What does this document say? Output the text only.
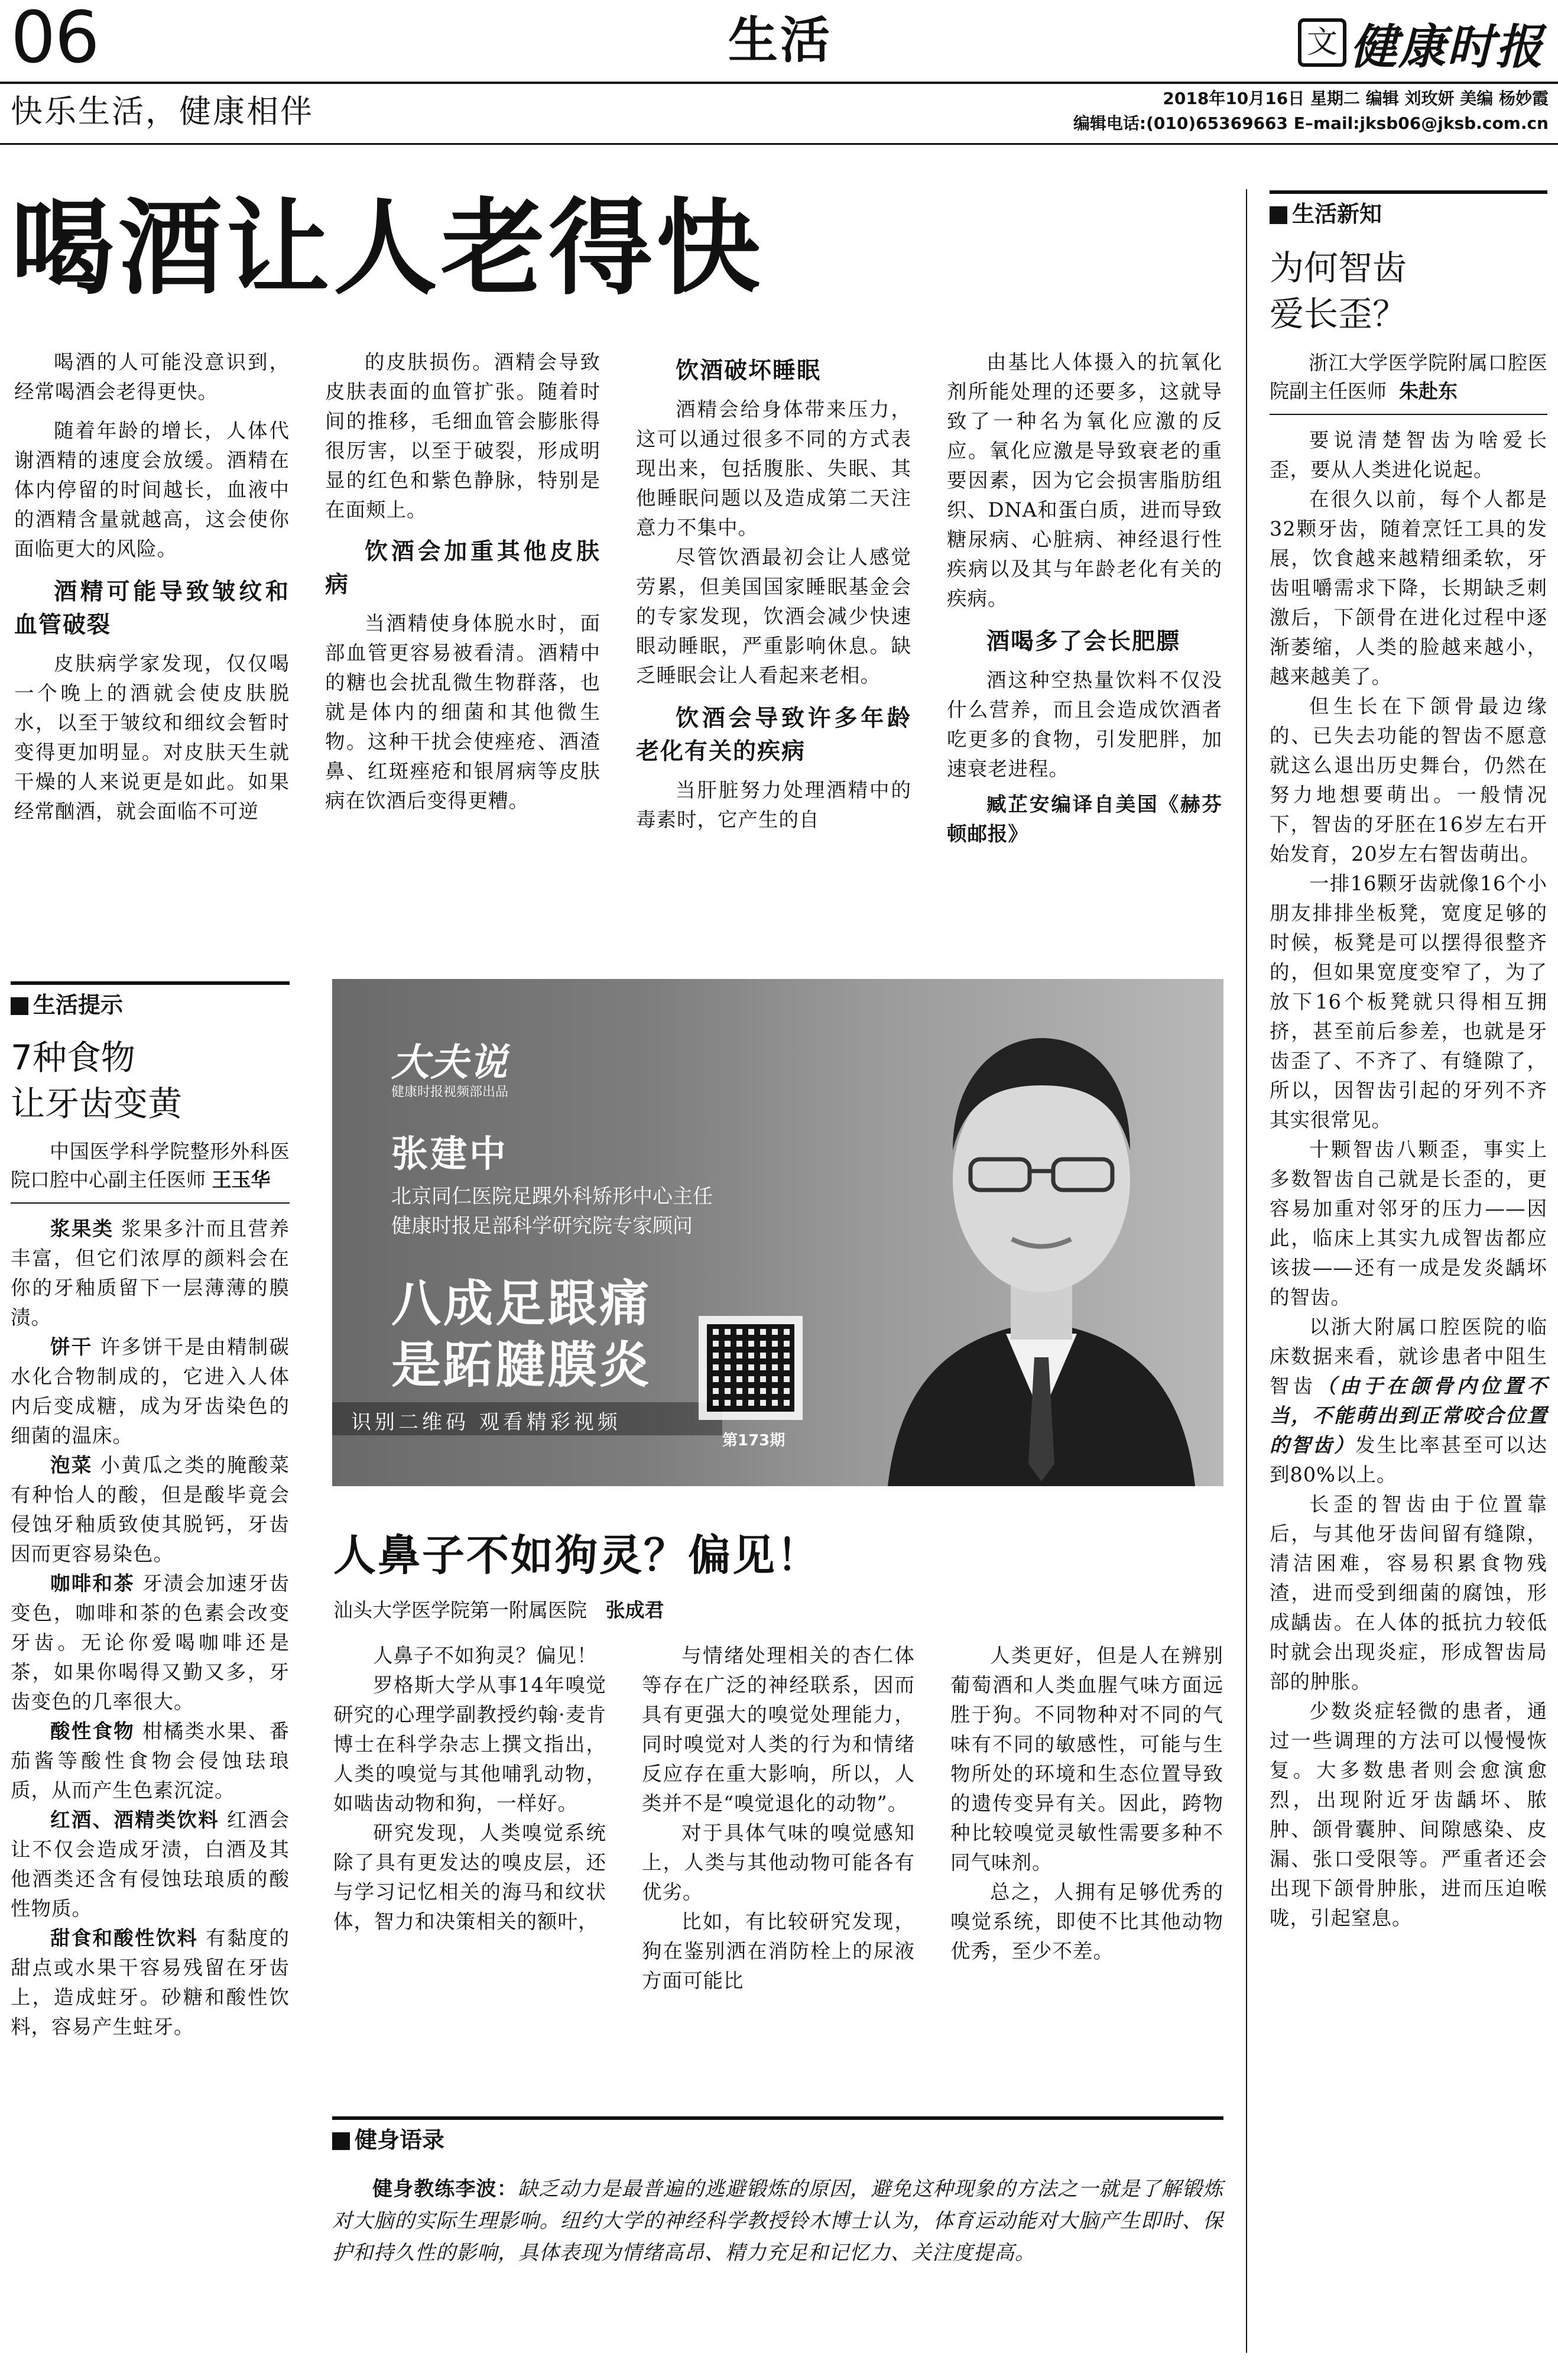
06	生活	文 健康时报
快乐生活，健康相伴	2018年10月16日 星期二 编辑 刘玫妍 美编 杨妙霞
编辑电话:(010)65369663 E–mail:jksb06@jksb.com.cn
喝酒让人老得快

喝酒的人可能没意识到，经常喝酒会老得更快。

随着年龄的增长，人体代谢酒精的速度会放缓。酒精在体内停留的时间越长，血液中的酒精含量就越高，这会使你面临更大的风险。

酒精可能导致皱纹和血管破裂

皮肤病学家发现，仅仅喝一个晚上的酒就会使皮肤脱水，以至于皱纹和细纹会暂时变得更加明显。对皮肤天生就干燥的人来说更是如此。如果经常酗酒，就会面临不可逆

的皮肤损伤。酒精会导致皮肤表面的血管扩张。随着时间的推移，毛细血管会膨胀得很厉害，以至于破裂，形成明显的红色和紫色静脉，特别是在面颊上。

饮酒会加重其他皮肤病

当酒精使身体脱水时，面部血管更容易被看清。酒精中的糖也会扰乱微生物群落，也就是体内的细菌和其他微生物。这种干扰会使痤疮、酒渣鼻、红斑痤疮和银屑病等皮肤病在饮酒后变得更糟。

饮酒破坏睡眠

酒精会给身体带来压力，这可以通过很多不同的方式表现出来，包括腹胀、失眠、其他睡眠问题以及造成第二天注意力不集中。

尽管饮酒最初会让人感觉劳累，但美国国家睡眠基金会的专家发现，饮酒会减少快速眼动睡眠，严重影响休息。缺乏睡眠会让人看起来老相。

饮酒会导致许多年龄老化有关的疾病

当肝脏努力处理酒精中的毒素时，它产生的自

由基比人体摄入的抗氧化剂所能处理的还要多，这就导致了一种名为氧化应激的反应。氧化应激是导致衰老的重要因素，因为它会损害脂肪组织、DNA和蛋白质，进而导致糖尿病、心脏病、神经退行性疾病以及其与年龄老化有关的疾病。

酒喝多了会长肥膘

酒这种空热量饮料不仅没什么营养，而且会造成饮酒者吃更多的食物，引发肥胖，加速衰老进程。

臧芷安编译自美国《赫芬顿邮报》

生活提示
7种食物
让牙齿变黄
中国医学科学院整形外科医院口腔中心副主任医师 王玉华

浆果类 浆果多汁而且营养丰富，但它们浓厚的颜料会在你的牙釉质留下一层薄薄的膜渍。

饼干 许多饼干是由精制碳水化合物制成的，它进入人体内后变成糖，成为牙齿染色的细菌的温床。

泡菜 小黄瓜之类的腌酸菜有种怡人的酸，但是酸毕竟会侵蚀牙釉质致使其脱钙，牙齿因而更容易染色。

咖啡和茶 牙渍会加速牙齿变色，咖啡和茶的色素会改变牙齿。无论你爱喝咖啡还是茶，如果你喝得又勤又多，牙齿变色的几率很大。

酸性食物 柑橘类水果、番茄酱等酸性食物会侵蚀珐琅质，从而产生色素沉淀。

红酒、酒精类饮料 红酒会让不仅会造成牙渍，白酒及其他酒类还含有侵蚀珐琅质的酸性物质。

甜食和酸性饮料 有黏度的甜点或水果干容易残留在牙齿上，造成蛀牙。砂糖和酸性饮料，容易产生蛀牙。

大夫说
健康时报视频部出品
张建中
北京同仁医院足踝外科矫形中心主任
健康时报足部科学研究院专家顾问
八成足跟痛
是跖腱膜炎
识别二维码 观看精彩视频
第173期
人鼻子不如狗灵？偏见！
汕头大学医学院第一附属医院 张成君

人鼻子不如狗灵？偏见！

罗格斯大学从事14年嗅觉研究的心理学副教授约翰·麦肯博士在科学杂志上撰文指出，人类的嗅觉与其他哺乳动物，如啮齿动物和狗，一样好。

研究发现，人类嗅觉系统除了具有更发达的嗅皮层，还与学习记忆相关的海马和纹状体，智力和决策相关的额叶，

与情绪处理相关的杏仁体等存在广泛的神经联系，因而具有更强大的嗅觉处理能力，同时嗅觉对人类的行为和情绪反应存在重大影响，所以，人类并不是“嗅觉退化的动物”。

对于具体气味的嗅觉感知上，人类与其他动物可能各有优劣。

比如，有比较研究发现，狗在鉴别洒在消防栓上的尿液方面可能比

人类更好，但是人在辨别葡萄酒和人类血腥气味方面远胜于狗。不同物种对不同的气味有不同的敏感性，可能与生物所处的环境和生态位置导致的遗传变异有关。因此，跨物种比较嗅觉灵敏性需要多种不同气味剂。

总之，人拥有足够优秀的嗅觉系统，即使不比其他动物优秀，至少不差。

健身语录
健身教练李波：缺乏动力是最普遍的逃避锻炼的原因，避免这种现象的方法之一就是了解锻炼对大脑的实际生理影响。纽约大学的神经科学教授铃木博士认为，体育运动能对大脑产生即时、保护和持久性的影响，具体表现为情绪高昂、精力充足和记忆力、关注度提高。
生活新知
为何智齿
爱长歪？
浙江大学医学院附属口腔医院副主任医师 朱赴东

要说清楚智齿为啥爱长歪，要从人类进化说起。

在很久以前，每个人都是32颗牙齿，随着烹饪工具的发展，饮食越来越精细柔软，牙齿咀嚼需求下降，长期缺乏刺激后，下颌骨在进化过程中逐渐萎缩，人类的脸越来越小，越来越美了。

但生长在下颌骨最边缘的、已失去功能的智齿不愿意就这么退出历史舞台，仍然在努力地想要萌出。一般情况下，智齿的牙胚在16岁左右开始发育，20岁左右智齿萌出。

一排16颗牙齿就像16个小朋友排排坐板凳，宽度足够的时候，板凳是可以摆得很整齐的，但如果宽度变窄了，为了放下16个板凳就只得相互拥挤，甚至前后参差，也就是牙齿歪了、不齐了、有缝隙了，所以，因智齿引起的牙列不齐其实很常见。

十颗智齿八颗歪，事实上多数智齿自己就是长歪的，更容易加重对邻牙的压力——因此，临床上其实九成智齿都应该拔——还有一成是发炎龋坏的智齿。

以浙大附属口腔医院的临床数据来看，就诊患者中阻生智齿（由于在颌骨内位置不当，不能萌出到正常咬合位置的智齿）发生比率甚至可以达到80%以上。

长歪的智齿由于位置靠后，与其他牙齿间留有缝隙，清洁困难，容易积累食物残渣，进而受到细菌的腐蚀，形成龋齿。在人体的抵抗力较低时就会出现炎症，形成智齿局部的肿胀。

少数炎症轻微的患者，通过一些调理的方法可以慢慢恢复。大多数患者则会愈演愈烈，出现附近牙齿龋坏、脓肿、颌骨囊肿、间隙感染、皮漏、张口受限等。严重者还会出现下颌骨肿胀，进而压迫喉咙，引起窒息。
